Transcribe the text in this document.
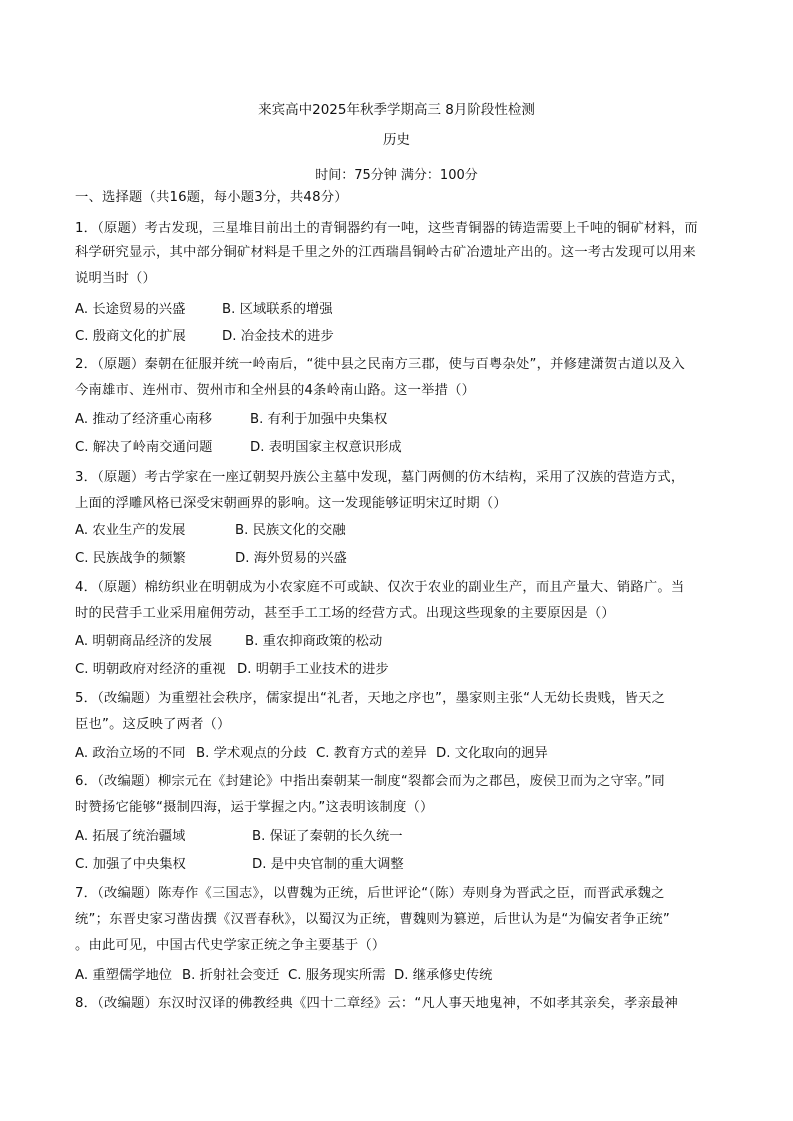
来宾高中2025年秋季学期高三 8月阶段性检测
历史
时间：75分钟 满分：100分
一、选择题（共16题，每小题3分，共48分）
1．（原题）考古发现，三星堆目前出土的青铜器约有一吨，这些青铜器的铸造需要上千吨的铜矿材料，而
科学研究显示，其中部分铜矿材料是千里之外的江西瑞昌铜岭古矿冶遗址产出的。这一考古发现可以用来
说明当时（）
A. 长途贸易的兴盛	B. 区域联系的增强
C. 殷商文化的扩展	D. 冶金技术的进步
2．（原题）秦朝在征服并统一岭南后，“徙中县之民南方三郡，使与百粤杂处”，并修建潇贺古道以及入
今南雄市、连州市、贺州市和全州县的4条岭南山路。这一举措（）
A. 推动了经济重心南移	B. 有利于加强中央集权
C. 解决了岭南交通问题	D. 表明国家主权意识形成
3．（原题）考古学家在一座辽朝契丹族公主墓中发现，墓门两侧的仿木结构，采用了汉族的营造方式，
上面的浮雕风格已深受宋朝画界的影响。这一发现能够证明宋辽时期（）
A. 农业生产的发展	B. 民族文化的交融
C. 民族战争的频繁	D. 海外贸易的兴盛
4．（原题）棉纺织业在明朝成为小农家庭不可或缺、仅次于农业的副业生产，而且产量大、销路广。当
时的民营手工业采用雇佣劳动，甚至手工工场的经营方式。出现这些现象的主要原因是（）
A. 明朝商品经济的发展 B. 重农抑商政策的松动
C. 明朝政府对经济的重视 D. 明朝手工业技术的进步
5．（改编题）为重塑社会秩序，儒家提出“礼者，天地之序也”，墨家则主张“人无幼长贵贱，皆天之
臣也”。这反映了两者（）
A. 政治立场的不同 B. 学术观点的分歧 C. 教育方式的差异 D. 文化取向的迥异
6．（改编题）柳宗元在《封建论》中指出秦朝某一制度“裂都会而为之郡邑，废侯卫而为之守宰。”同
时赞扬它能够“摄制四海，运于掌握之内。”这表明该制度（）
A. 拓展了统治疆域	B. 保证了秦朝的长久统一
C. 加强了中央集权	D. 是中央官制的重大调整
7．（改编题）陈寿作《三国志》，以曹魏为正统，后世评论“（陈）寿则身为晋武之臣，而晋武承魏之
统”；东晋史家习凿齿撰《汉晋春秋》，以蜀汉为正统，曹魏则为篡逆，后世认为是“为偏安者争正统”
。由此可见，中国古代史学家正统之争主要基于（）
A. 重塑儒学地位 B. 折射社会变迁 C. 服务现实所需 D. 继承修史传统
8．（改编题）东汉时汉译的佛教经典《四十二章经》云：“凡人事天地鬼神，不如孝其亲矣，孝亲最神
